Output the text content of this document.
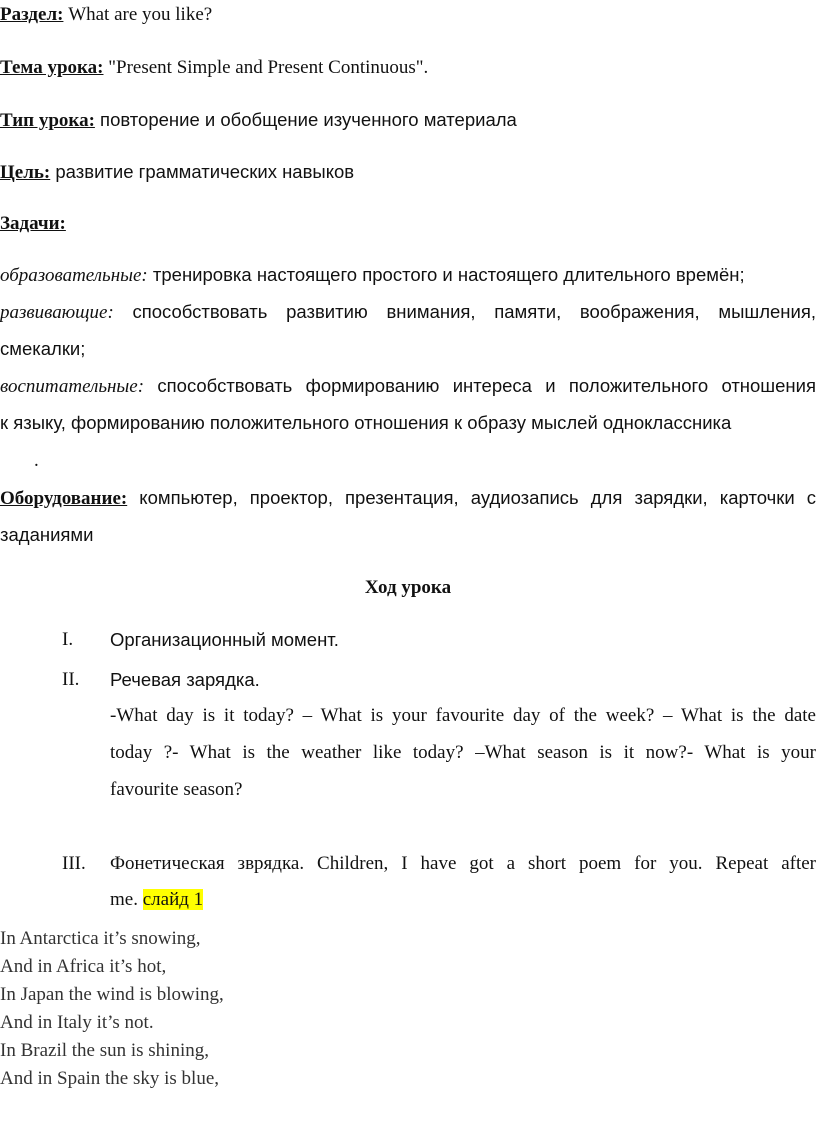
Раздел: What are you like?
Тема урока: "Present Simple and Present Continuous".
Тип урока: повторение и обобщение изученного материала
Цель: развитие грамматических навыков
Задачи:
образовательные: тренировка настоящего простого и настоящего длительного времён;
развивающие: способствовать развитию внимания, памяти, воображения, мышления,
смекалки;
воспитательные: способствовать формированию интереса и положительного отношения
к языку, формированию положительного отношения к образу мыслей одноклассника
.
Оборудование: компьютер, проектор, презентация, аудиозапись для зарядки, карточки с
заданиями
Ход урока
I. Организационный момент.
II. Речевая зарядка.
-What day is it today? – What is your favourite day of the week? – What is the date
today ?- What is the weather like today? –What season is it now?- What is your
favourite season?
III. Фонетическая зврядка. Children, I have got a short poem for you. Repeat after
me. слайд 1
In Antarctica it’s snowing,
And in Africa it’s hot,
In Japan the wind is blowing,
And in Italy it’s not.
In Brazil the sun is shining,
And in Spain the sky is blue,
